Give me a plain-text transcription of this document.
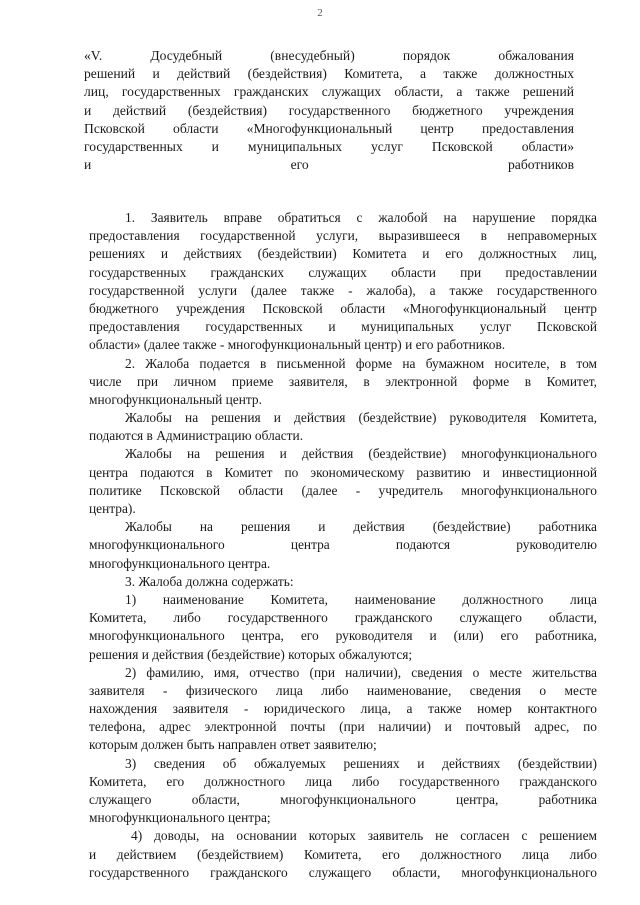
2
«V. Досудебный (внесудебный) порядок обжалования
решений и действий (бездействия) Комитета, а также должностных
лиц, государственных гражданских служащих области, а также решений
и действий (бездействия) государственного бюджетного учреждения
Псковской области «Многофункциональный центр предоставления
государственных и муниципальных услуг Псковской области»
и его работников
1. Заявитель вправе обратиться с жалобой на нарушение порядка
предоставления государственной услуги, выразившееся в неправомерных
решениях и действиях (бездействии) Комитета и его должностных лиц,
государственных гражданских служащих области при предоставлении
государственной услуги (далее также - жалоба), а также государственного
бюджетного учреждения Псковской области «Многофункциональный центр
предоставления государственных и муниципальных услуг Псковской
области» (далее также - многофункциональный центр) и его работников.
2. Жалоба подается в письменной форме на бумажном носителе, в том
числе при личном приеме заявителя, в электронной форме в Комитет,
многофункциональный центр.
Жалобы на решения и действия (бездействие) руководителя Комитета,
подаются в Администрацию области.
Жалобы на решения и действия (бездействие) многофункционального
центра подаются в Комитет по экономическому развитию и инвестиционной
политике Псковской области (далее - учредитель многофункционального
центра).
Жалобы на решения и действия (бездействие) работника
многофункционального центра подаются руководителю
многофункционального центра.
3. Жалоба должна содержать:
1) наименование Комитета, наименование должностного лица
Комитета, либо государственного гражданского служащего области,
многофункционального центра, его руководителя и (или) его работника,
решения и действия (бездействие) которых обжалуются;
2) фамилию, имя, отчество (при наличии), сведения о месте жительства
заявителя - физического лица либо наименование, сведения о месте
нахождения заявителя - юридического лица, а также номер контактного
телефона, адрес электронной почты (при наличии) и почтовый адрес, по
которым должен быть направлен ответ заявителю;
3) сведения об обжалуемых решениях и действиях (бездействии)
Комитета, его должностного лица либо государственного гражданского
служащего области, многофункционального центра, работника
многофункционального центра;
4) доводы, на основании которых заявитель не согласен с решением
и действием (бездействием) Комитета, его должностного лица либо
государственного гражданского служащего области, многофункционального
